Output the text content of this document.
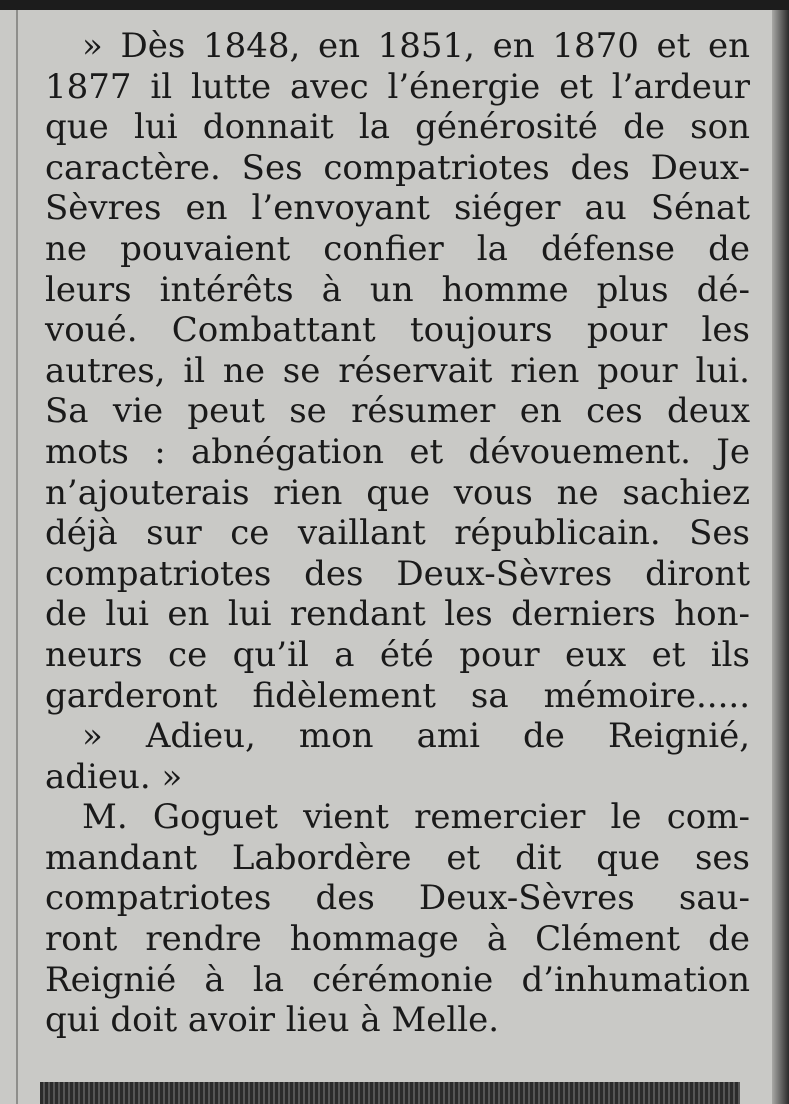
» Dès 1848, en 1851, en 1870 et en
1877 il lutte avec l’énergie et l’ardeur
que lui donnait la générosité de son
caractère. Ses compatriotes des Deux-
Sèvres en l’envoyant siéger au Sénat
ne pouvaient confier la défense de
leurs intérêts à un homme plus dé-
voué. Combattant toujours pour les
autres, il ne se réservait rien pour lui.
Sa vie peut se résumer en ces deux
mots : abnégation et dévouement. Je
n’ajouterais rien que vous ne sachiez
déjà sur ce vaillant républicain. Ses
compatriotes des Deux-Sèvres diront
de lui en lui rendant les derniers hon-
neurs ce qu’il a été pour eux et ils
garderont fidèlement sa mémoire.....
» Adieu, mon ami de Reignié,
adieu. »
M. Goguet vient remercier le com-
mandant Labordère et dit que ses
compatriotes des Deux-Sèvres sau-
ront rendre hommage à Clément de
Reignié à la cérémonie d’inhumation
qui doit avoir lieu à Melle.
